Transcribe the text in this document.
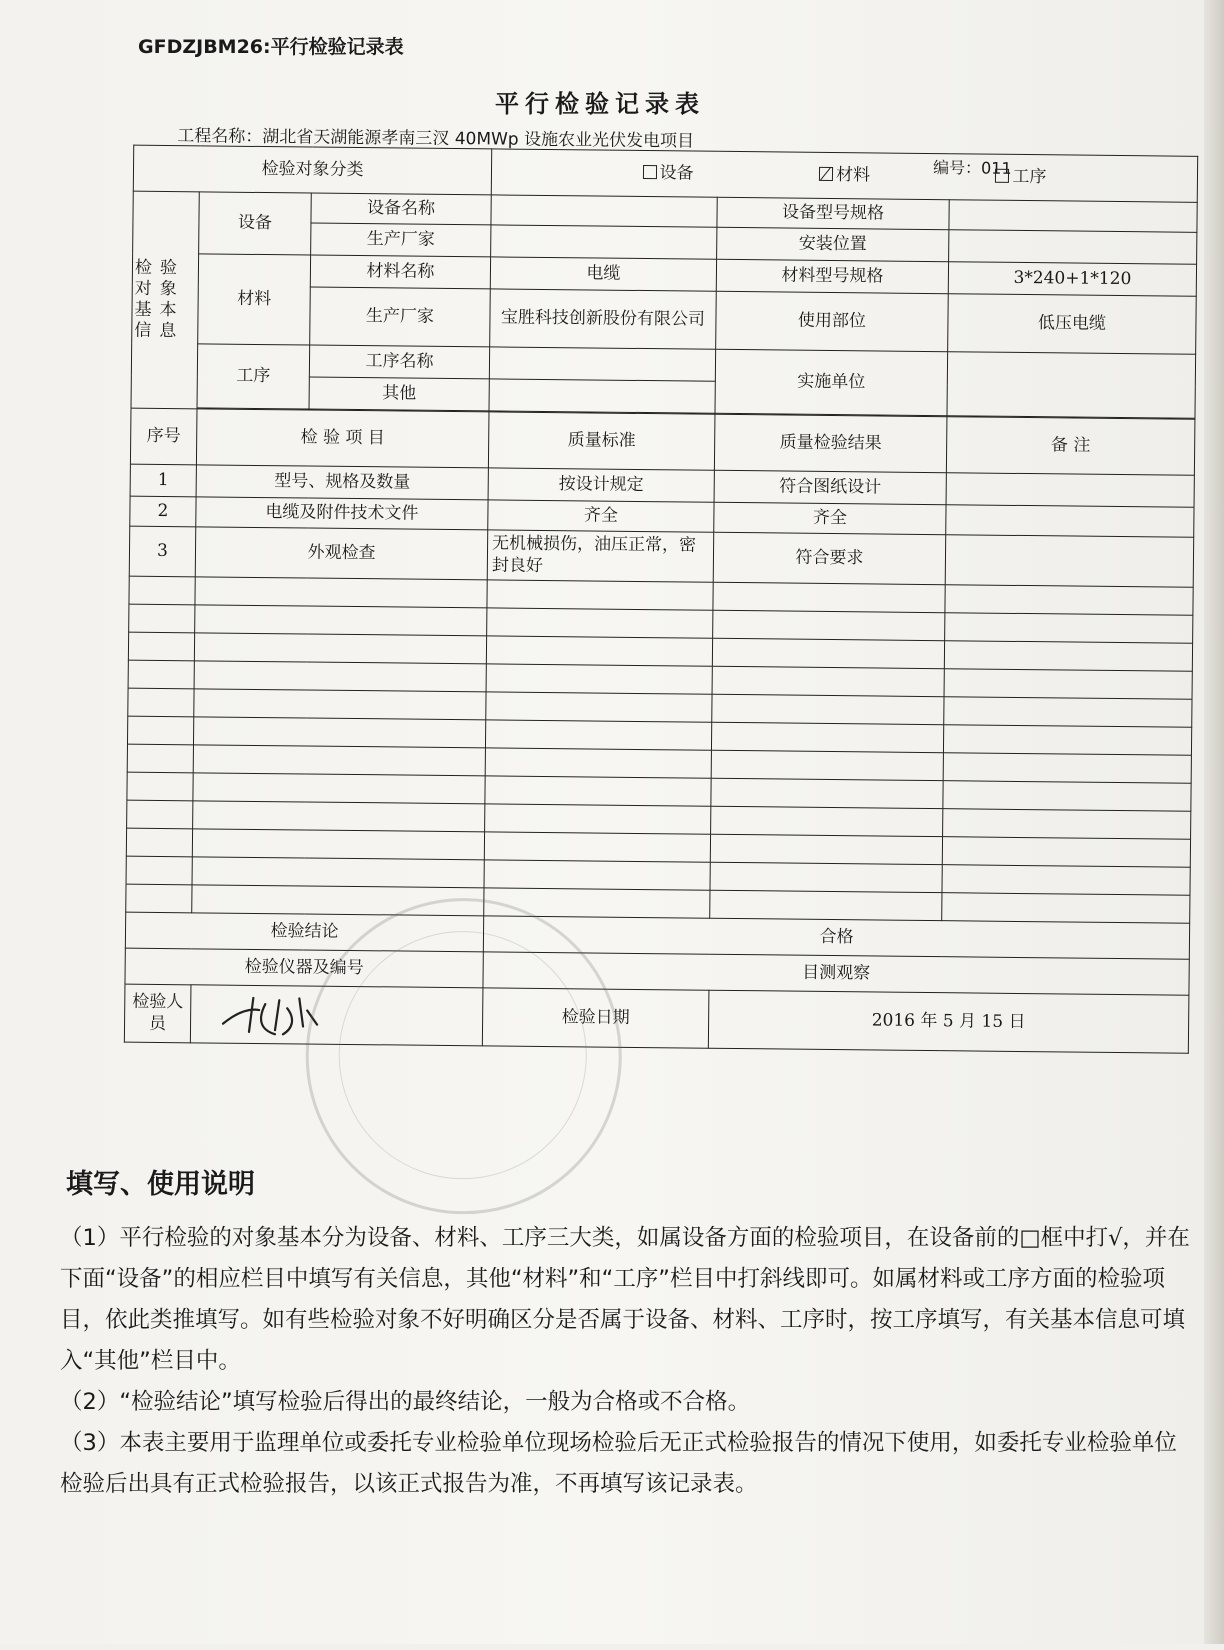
GFDZJBM26:平行检验记录表
平行检验记录表
工程名称：湖北省天湖能源孝南三汊 40MWp 设施农业光伏发电项目
编号：011
检验对象分类			设备 材料 工序		
检验 对象 基本 信息	设备	设备名称		设备型号规格	
		生产厂家		安装位置	
	材料	材料名称	电缆	材料型号规格	3*240+1*120
		生产厂家	宝胜科技创新股份有限公司	使用部位	低压电缆
	工序	工序名称		实施单位	
		其他			

序号	检 验 项 目		质量标准	质量检验结果	备 注
1	型号、规格及数量		按设计规定	符合图纸设计	
2	电缆及附件技术文件		齐全	齐全	
3	外观检查		无机械损伤，油压正常，密封良好	符合要求	

检验结论			合格		
检验仪器及编号			目测观察		
检验人员			检验日期	2016 年 5 月 15 日	
填写、使用说明

（1）平行检验的对象基本分为设备、材料、工序三大类，如属设备方面的检验项目，在设备前的□框中打√，并在下面“设备”的相应栏目中填写有关信息，其他“材料”和“工序”栏目中打斜线即可。如属材料或工序方面的检验项目，依此类推填写。如有些检验对象不好明确区分是否属于设备、材料、工序时，按工序填写，有关基本信息可填入“其他”栏目中。

（2）“检验结论”填写检验后得出的最终结论，一般为合格或不合格。

（3）本表主要用于监理单位或委托专业检验单位现场检验后无正式检验报告的情况下使用，如委托专业检验单位检验后出具有正式检验报告，以该正式报告为准，不再填写该记录表。
